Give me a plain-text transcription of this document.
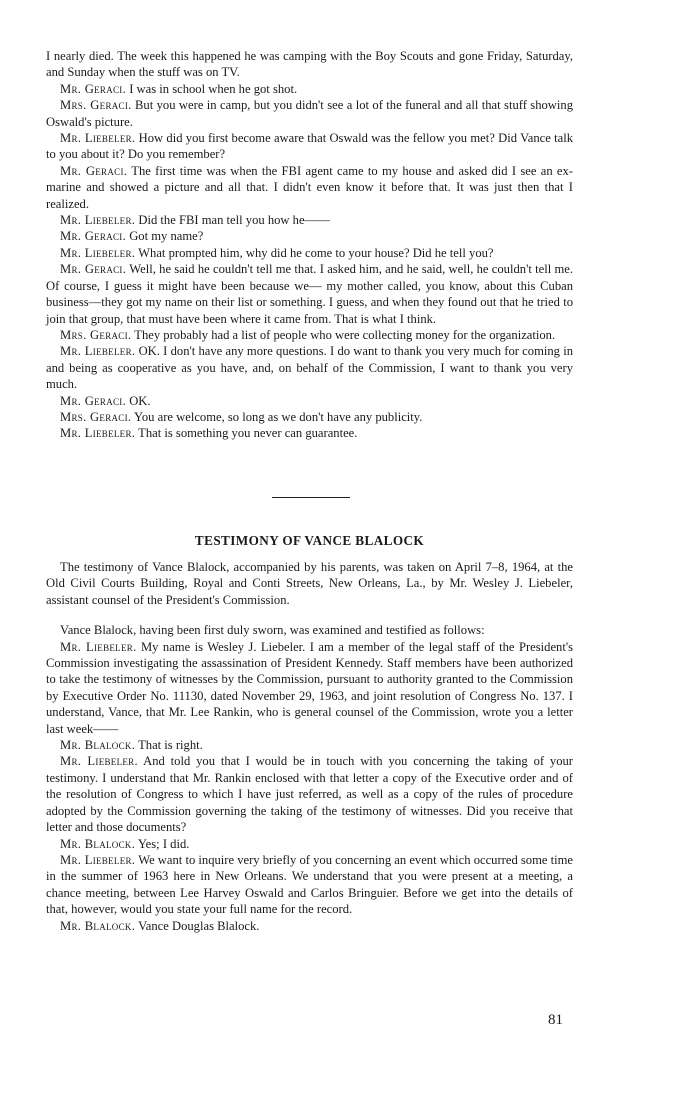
I nearly died. The week this happened he was camping with the Boy Scouts and gone Friday, Saturday, and Sunday when the stuff was on TV.

Mr. Geraci. I was in school when he got shot.

Mrs. Geraci. But you were in camp, but you didn't see a lot of the funeral and all that stuff showing Oswald's picture.

Mr. Liebeler. How did you first become aware that Oswald was the fellow you met? Did Vance talk to you about it? Do you remember?

Mr. Geraci. The first time was when the FBI agent came to my house and asked did I see an ex-marine and showed a picture and all that. I didn't even know it before that. It was just then that I realized.

Mr. Liebeler. Did the FBI man tell you how he——

Mr. Geraci. Got my name?

Mr. Liebeler. What prompted him, why did he come to your house? Did he tell you?

Mr. Geraci. Well, he said he couldn't tell me that. I asked him, and he said, well, he couldn't tell me. Of course, I guess it might have been because we— my mother called, you know, about this Cuban business—they got my name on their list or something. I guess, and when they found out that he tried to join that group, that must have been where it came from. That is what I think.

Mrs. Geraci. They probably had a list of people who were collecting money for the organization.

Mr. Liebeler. OK. I don't have any more questions. I do want to thank you very much for coming in and being as cooperative as you have, and, on behalf of the Commission, I want to thank you very much.

Mr. Geraci. OK.

Mrs. Geraci. You are welcome, so long as we don't have any publicity.

Mr. Liebeler. That is something you never can guarantee.

TESTIMONY OF VANCE BLALOCK

The testimony of Vance Blalock, accompanied by his parents, was taken on April 7–8, 1964, at the Old Civil Courts Building, Royal and Conti Streets, New Orleans, La., by Mr. Wesley J. Liebeler, assistant counsel of the President's Commission.

Vance Blalock, having been first duly sworn, was examined and testified as follows:

Mr. Liebeler. My name is Wesley J. Liebeler. I am a member of the legal staff of the President's Commission investigating the assassination of President Kennedy. Staff members have been authorized to take the testimony of witnesses by the Commission, pursuant to authority granted to the Commission by Executive Order No. 11130, dated November 29, 1963, and joint resolution of Congress No. 137. I understand, Vance, that Mr. Lee Rankin, who is general counsel of the Commission, wrote you a letter last week——

Mr. Blalock. That is right.

Mr. Liebeler. And told you that I would be in touch with you concerning the taking of your testimony. I understand that Mr. Rankin enclosed with that letter a copy of the Executive order and of the resolution of Congress to which I have just referred, as well as a copy of the rules of procedure adopted by the Commission governing the taking of the testimony of witnesses. Did you receive that letter and those documents?

Mr. Blalock. Yes; I did.

Mr. Liebeler. We want to inquire very briefly of you concerning an event which occurred some time in the summer of 1963 here in New Orleans. We understand that you were present at a meeting, a chance meeting, between Lee Harvey Oswald and Carlos Bringuier. Before we get into the details of that, however, would you state your full name for the record.

Mr. Blalock. Vance Douglas Blalock.

81
